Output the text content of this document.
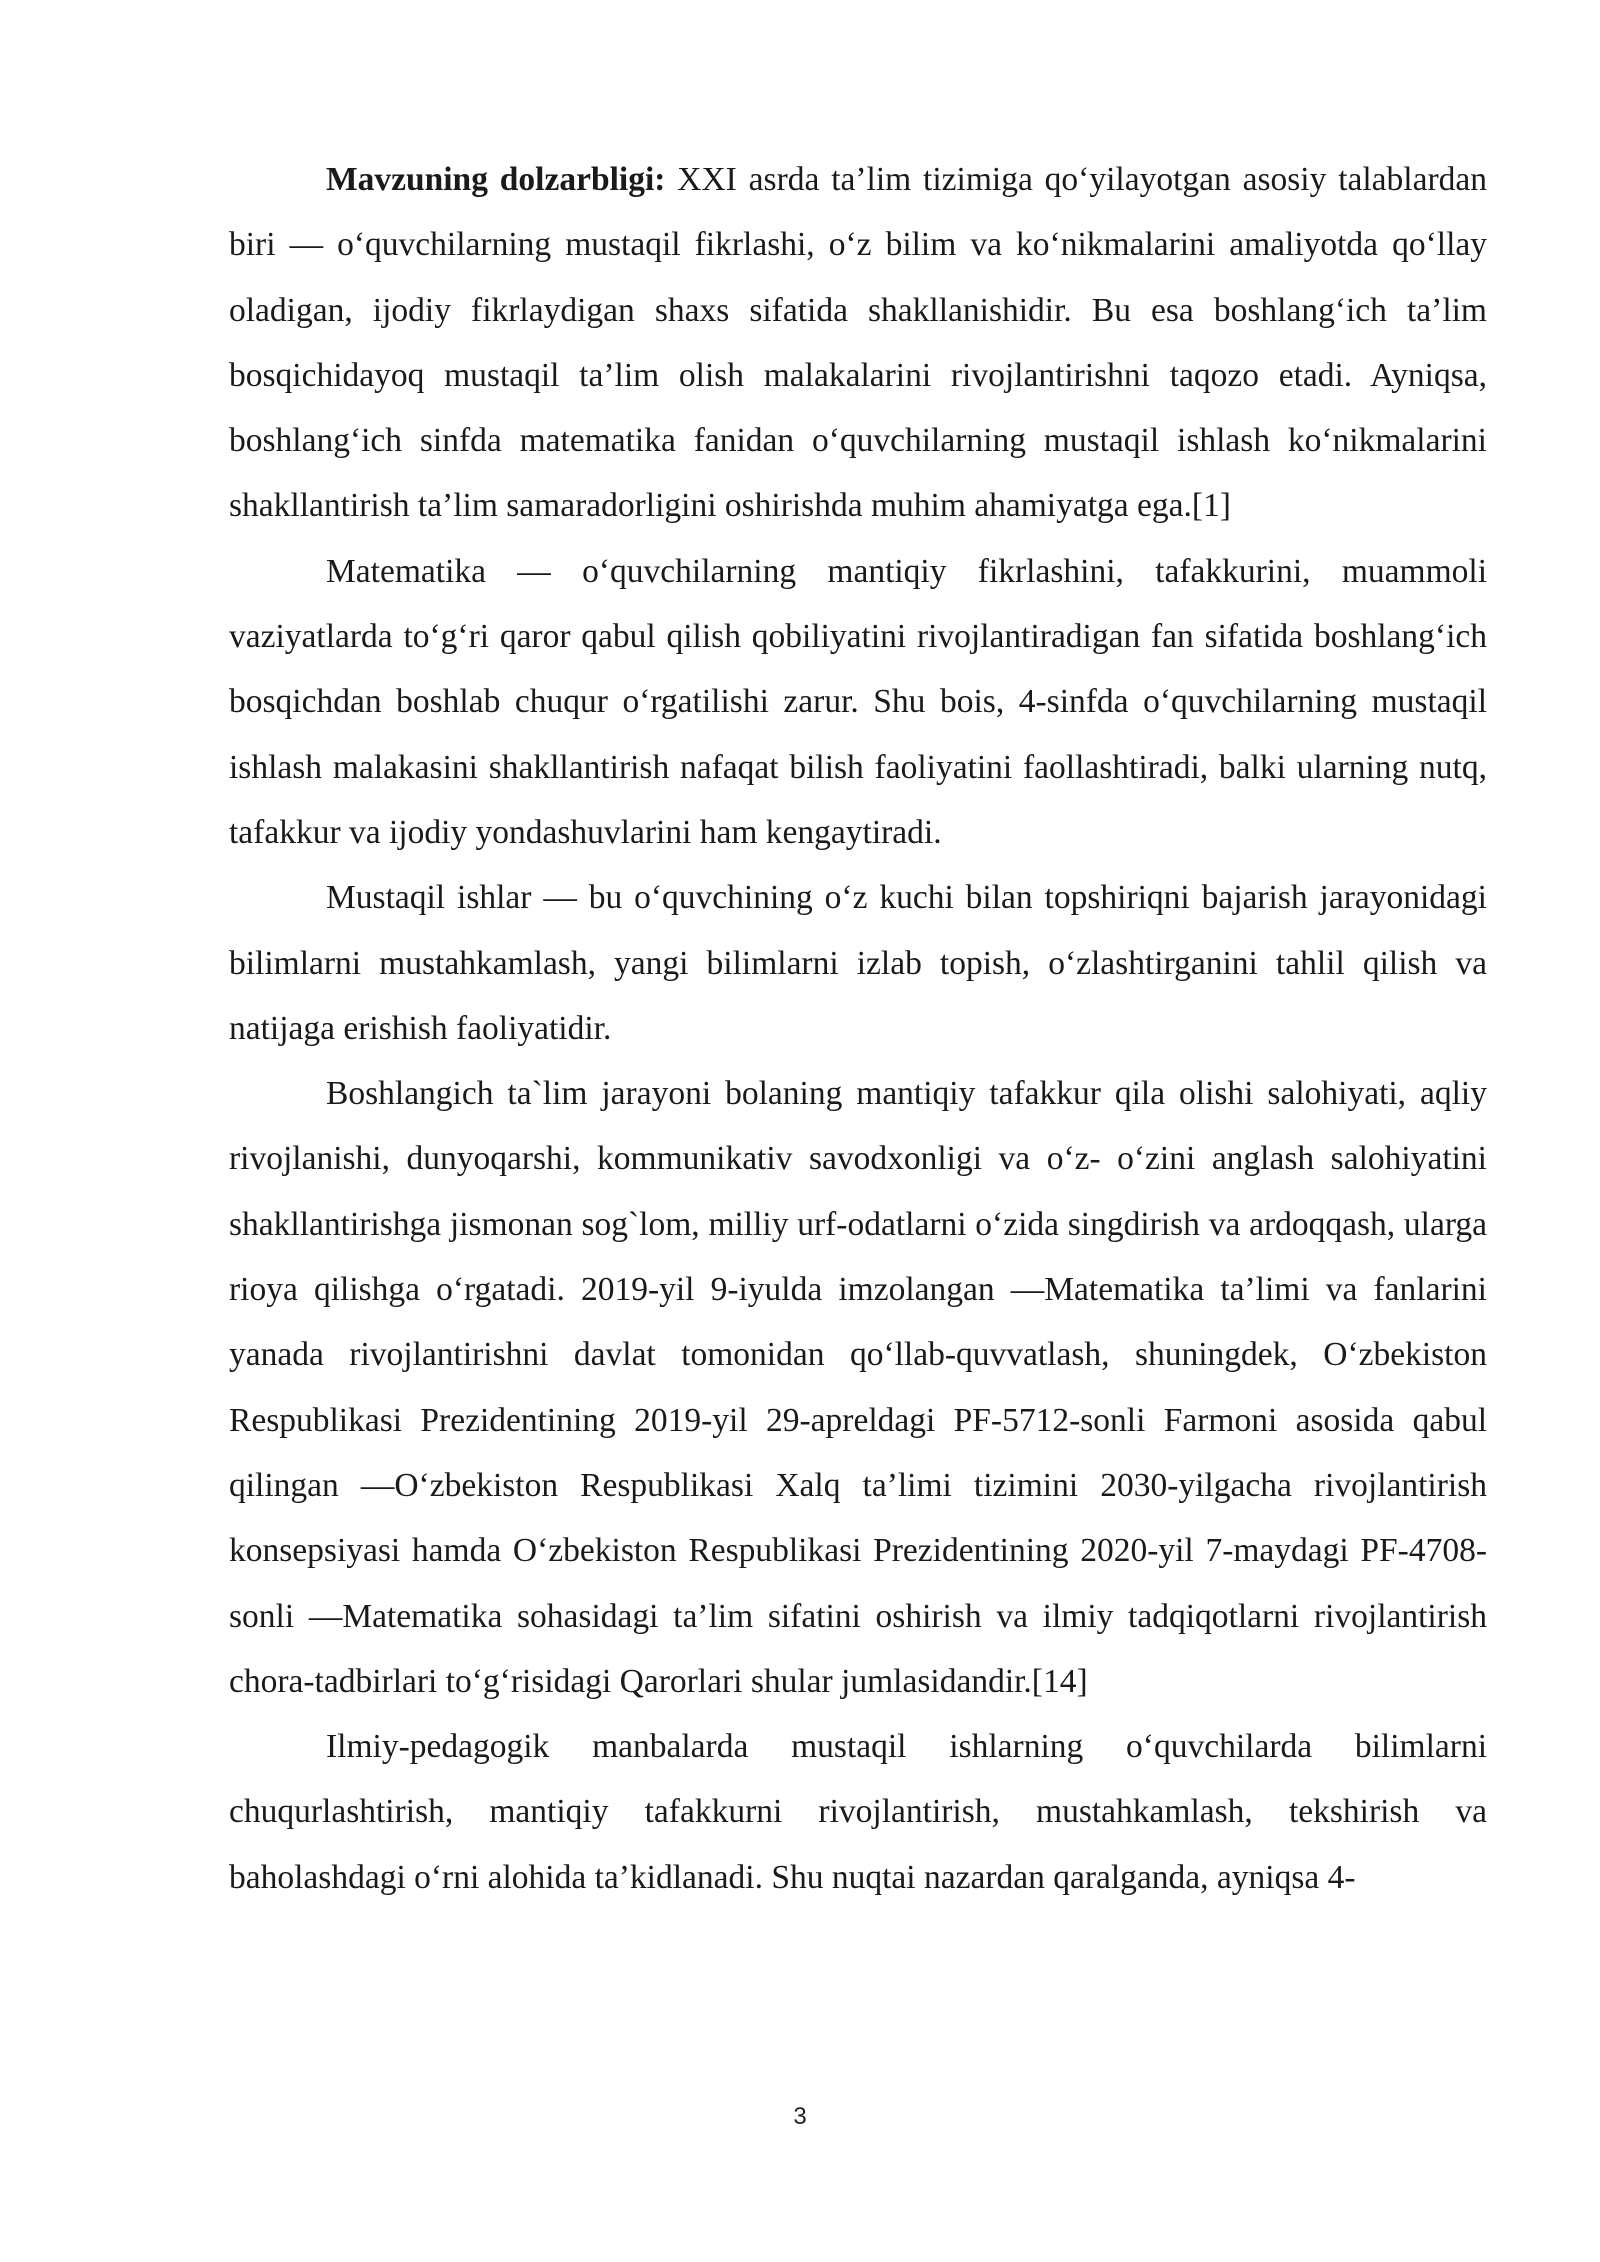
Mavzuning dolzarbligi: XXI asrda ta’lim tizimiga qo‘yilayotgan asosiy talablardan biri — o‘quvchilarning mustaqil fikrlashi, o‘z bilim va ko‘nikmalarini amaliyotda qo‘llay oladigan, ijodiy fikrlaydigan shaxs sifatida shakllanishidir. Bu esa boshlang‘ich ta’lim bosqichidayoq mustaqil ta’lim olish malakalarini rivojlantirishni taqozo etadi. Ayniqsa, boshlang‘ich sinfda matematika fanidan o‘quvchilarning mustaqil ishlash ko‘nikmalarini shakllantirish ta’lim samaradorligini oshirishda muhim ahamiyatga ega.[1]

Matematika — o‘quvchilarning mantiqiy fikrlashini, tafakkurini, muammoli vaziyatlarda to‘g‘ri qaror qabul qilish qobiliyatini rivojlantiradigan fan sifatida boshlang‘ich bosqichdan boshlab chuqur o‘rgatilishi zarur. Shu bois, 4-sinfda o‘quvchilarning mustaqil ishlash malakasini shakllantirish nafaqat bilish faoliyatini faollashtiradi, balki ularning nutq, tafakkur va ijodiy yondashuvlarini ham kengaytiradi.

Mustaqil ishlar — bu o‘quvchining o‘z kuchi bilan topshiriqni bajarish jarayonidagi bilimlarni mustahkamlash, yangi bilimlarni izlab topish, o‘zlashtirganini tahlil qilish va natijaga erishish faoliyatidir.

Boshlangich ta`lim jarayoni bolaning mantiqiy tafakkur qila olishi salohiyati, aqliy rivojlanishi, dunyoqarshi, kommunikativ savodxonligi va o‘z- o‘zini anglash salohiyatini shakllantirishga jismonan sog`lom, milliy urf-odatlarni o‘zida singdirish va ardoqqash, ularga rioya qilishga o‘rgatadi. 2019-yil 9-iyulda imzolangan ―Matematika ta’limi va fanlarini yanada rivojlantirishni davlat tomonidan qo‘llab-quvvatlash, shuningdek, O‘zbekiston Respublikasi Prezidentining 2019-yil 29-apreldagi PF-5712-sonli Farmoni asosida qabul qilingan ―O‘zbekiston Respublikasi Xalq ta’limi tizimini 2030-yilgacha rivojlantirish konsepsiyasi hamda O‘zbekiston Respublikasi Prezidentining 2020-yil 7-maydagi PF-4708-sonli ―Matematika sohasidagi ta’lim sifatini oshirish va ilmiy tadqiqotlarni rivojlantirish chora-tadbirlari to‘g‘risidagi Qarorlari shular jumlasidandir.[14]

Ilmiy-pedagogik manbalarda mustaqil ishlarning o‘quvchilarda bilimlarni chuqurlashtirish, mantiqiy tafakkurni rivojlantirish, mustahkamlash, tekshirish va baholashdagi o‘rni alohida ta’kidlanadi. Shu nuqtai nazardan qaralganda, ayniqsa 4-

3
